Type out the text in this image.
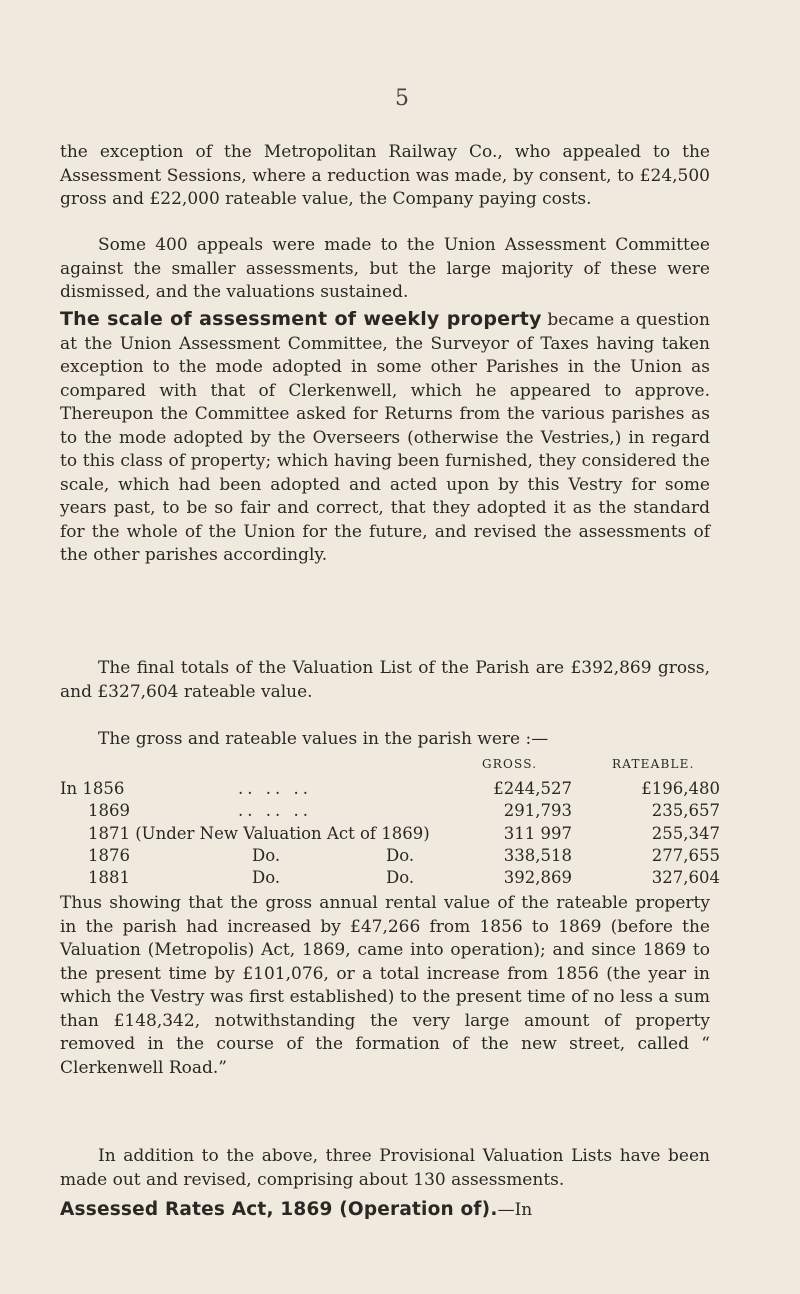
5

the exception of the Metropolitan Railway Co., who appealed to the Assessment Sessions, where a reduction was made, by consent, to £24,500 gross and £22,000 rateable value, the Company paying costs.

Some 400 appeals were made to the Union Assessment Committee against the smaller assessments, but the large majority of these were dismissed, and the valuations sustained.

The scale of assessment of weekly property became a question at the Union Assessment Committee, the Surveyor of Taxes having taken exception to the mode adopted in some other Parishes in the Union as compared with that of Clerkenwell, which he appeared to approve. Thereupon the Committee asked for Returns from the various parishes as to the mode adopted by the Overseers (otherwise the Vestries,) in regard to this class of property; which having been furnished, they considered the scale, which had been adopted and acted upon by this Vestry for some years past, to be so fair and correct, that they adopted it as the standard for the whole of the Union for the future, and revised the assessments of the other parishes accordingly.

The final totals of the Valuation List of the Parish are £392,869 gross, and £327,604 rateable value.

The gross and rateable values in the parish were :—

GROSS.	RATEABLE.
In 1856	.. .. ..	£244,527	£196,480
1869	.. .. ..	291,793	235,657
1871 (Under New Valuation Act of 1869)	311 997	255,347
1876	Do.	Do.	338,518	277,655
1881	Do.	Do.	392,869	327,604

Thus showing that the gross annual rental value of the rateable property in the parish had increased by £47,266 from 1856 to 1869 (before the Valuation (Metropolis) Act, 1869, came into operation); and since 1869 to the present time by £101,076, or a total increase from 1856 (the year in which the Vestry was first established) to the present time of no less a sum than £148,342, notwithstanding the very large amount of property removed in the course of the formation of the new street, called “ Clerkenwell Road.”

In addition to the above, three Provisional Valuation Lists have been made out and revised, comprising about 130 assessments.

Assessed Rates Act, 1869 (Operation of).—In
